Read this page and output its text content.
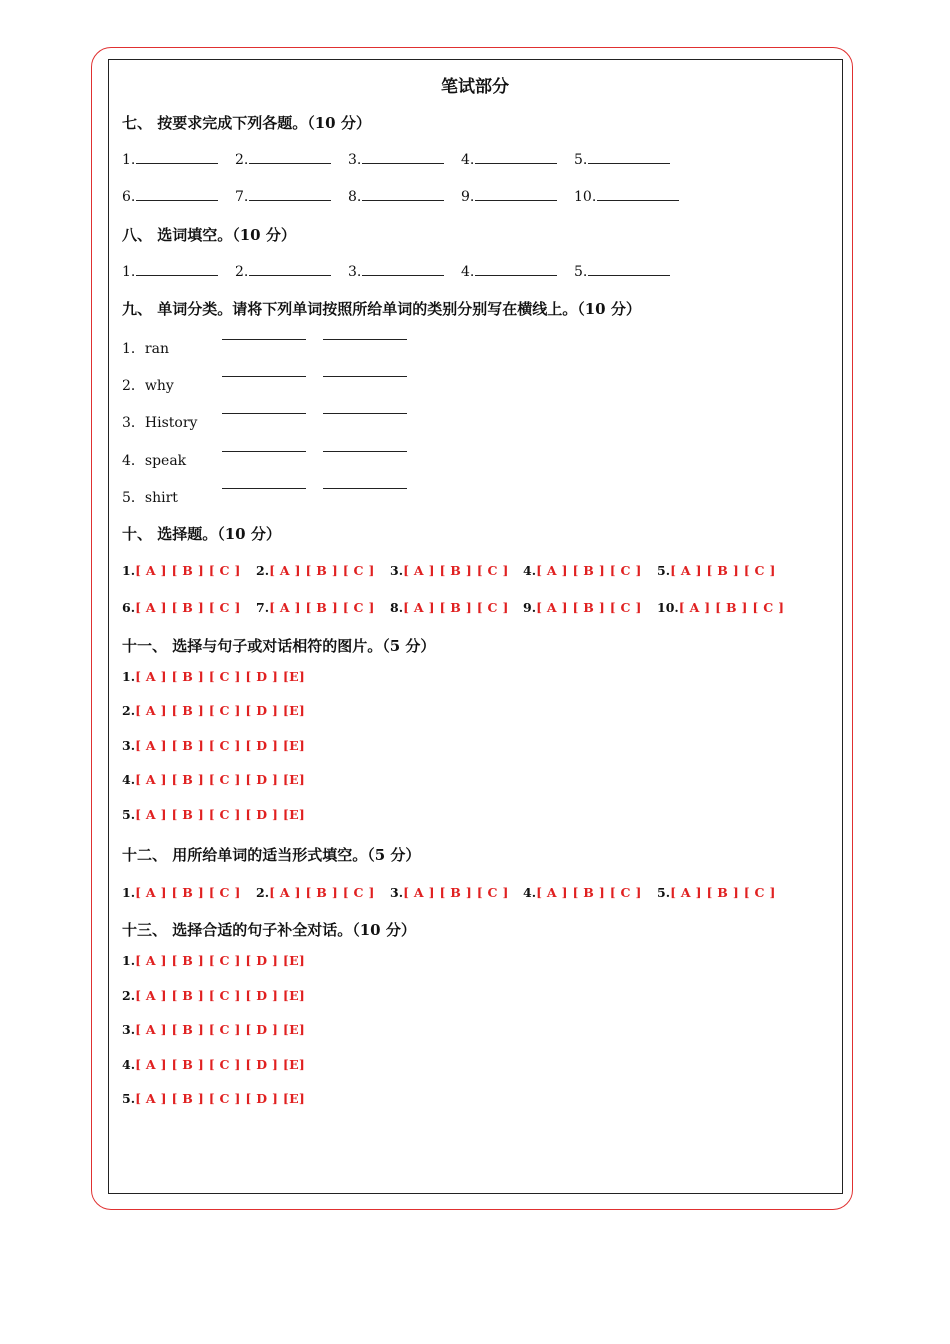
笔试部分
七、 按要求完成下列各题。（10 分）
1.	2.	3.	4.	5.
6.	7.	8.	9.	10.
八、 选词填空。（10 分）
1.	2.	3.	4.	5.
九、 单词分类。请将下列单词按照所给单词的类别分别写在横线上。（10 分）
1．ran
2．why
3．History
4．speak
5．shirt
十、 选择题。（10 分）
1.[ A ] [ B ] [ C ] 2.[ A ] [ B ] [ C ] 3.[ A ] [ B ] [ C ] 4.[ A ] [ B ] [ C ] 5.[ A ] [ B ] [ C ]
6.[ A ] [ B ] [ C ] 7.[ A ] [ B ] [ C ] 8.[ A ] [ B ] [ C ] 9.[ A ] [ B ] [ C ] 10.[ A ] [ B ] [ C ]
十一、 选择与句子或对话相符的图片。（5 分）
1.[ A ] [ B ] [ C ] [ D ] [E]
2.[ A ] [ B ] [ C ] [ D ] [E]
3.[ A ] [ B ] [ C ] [ D ] [E]
4.[ A ] [ B ] [ C ] [ D ] [E]
5.[ A ] [ B ] [ C ] [ D ] [E]
十二、 用所给单词的适当形式填空。（5 分）
1.[ A ] [ B ] [ C ] 2.[ A ] [ B ] [ C ] 3.[ A ] [ B ] [ C ] 4.[ A ] [ B ] [ C ] 5.[ A ] [ B ] [ C ]
十三、 选择合适的句子补全对话。（10 分）
1.[ A ] [ B ] [ C ] [ D ] [E]
2.[ A ] [ B ] [ C ] [ D ] [E]
3.[ A ] [ B ] [ C ] [ D ] [E]
4.[ A ] [ B ] [ C ] [ D ] [E]
5.[ A ] [ B ] [ C ] [ D ] [E]
